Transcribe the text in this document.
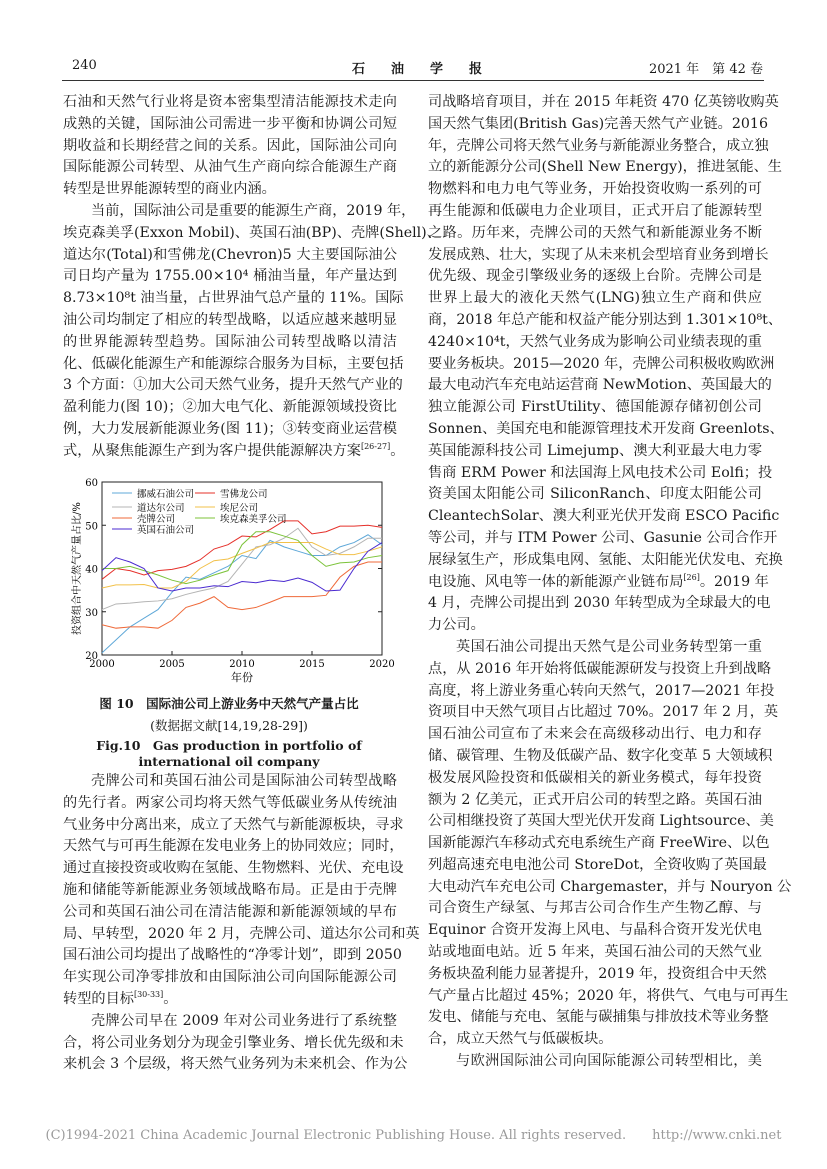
240	石　　油　　学　　报	2021 年　第 42 卷
石油和天然气行业将是资本密集型清洁能源技术走向
成熟的关键，国际油公司需进一步平衡和协调公司短
期收益和长期经营之间的关系。因此，国际油公司向
国际能源公司转型、从油气生产商向综合能源生产商
转型是世界能源转型的商业内涵。
当前，国际油公司是重要的能源生产商，2019 年，
埃克森美孚(Exxon Mobil)、英国石油(BP)、壳牌(Shell)、
道达尔(Total)和雪佛龙(Chevron)5 大主要国际油公
司日均产量为 1755.00×10⁴ 桶油当量，年产量达到
8.73×10⁸t 油当量，占世界油气总产量的 11%。国际
油公司均制定了相应的转型战略，以适应越来越明显
的世界能源转型趋势。国际油公司转型战略以清洁
化、低碳化能源生产和能源综合服务为目标，主要包括
3 个方面：①加大公司天然气业务，提升天然气产业的
盈利能力(图 10)；②加大电气化、新能源领域投资比
例，大力发展新能源业务(图 11)；③转变商业运营模
式，从聚焦能源生产到为客户提供能源解决方案[26-27]。
20
30
40
50
60
2000	2005	2010	2015	2020
年份
投资组合中天然气产量占比/%
挪威石油公司	雪佛龙公司
道达尔公司	埃尼公司
壳牌公司	埃克森美孚公司
英国石油公司
图 10　国际油公司上游业务中天然气产量占比
(数据据文献[14,19,28-29])
Fig.10　Gas production in portfolio of international oil company
壳牌公司和英国石油公司是国际油公司转型战略
的先行者。两家公司均将天然气等低碳业务从传统油
气业务中分离出来，成立了天然气与新能源板块，寻求
天然气与可再生能源在发电业务上的协同效应；同时，
通过直接投资或收购在氢能、生物燃料、光伏、充电设
施和储能等新能源业务领域战略布局。正是由于壳牌
公司和英国石油公司在清洁能源和新能源领域的早布
局、早转型，2020 年 2 月，壳牌公司、道达尔公司和英
国石油公司均提出了战略性的“净零计划”，即到 2050
年实现公司净零排放和由国际油公司向国际能源公司
转型的目标[30-33]。
壳牌公司早在 2009 年对公司业务进行了系统整
合，将公司业务划分为现金引擎业务、增长优先级和未
来机会 3 个层级，将天然气业务列为未来机会、作为公
司战略培育项目，并在 2015 年耗资 470 亿英镑收购英
国天然气集团(British Gas)完善天然气产业链。2016
年，壳牌公司将天然气业务与新能源业务整合，成立独
立的新能源分公司(Shell New Energy)，推进氢能、生
物燃料和电力电气等业务，开始投资收购一系列的可
再生能源和低碳电力企业项目，正式开启了能源转型
之路。历年来，壳牌公司的天然气和新能源业务不断
发展成熟、壮大，实现了从未来机会型培育业务到增长
优先级、现金引擎级业务的逐级上台阶。壳牌公司是
世界上最大的液化天然气(LNG)独立生产商和供应
商，2018 年总产能和权益产能分别达到 1.301×10⁸t、
4240×10⁴t，天然气业务成为影响公司业绩表现的重
要业务板块。2015—2020 年，壳牌公司积极收购欧洲
最大电动汽车充电站运营商 NewMotion、英国最大的
独立能源公司 FirstUtility、德国能源存储初创公司
Sonnen、美国充电和能源管理技术开发商 Greenlots、
英国能源科技公司 Limejump、澳大利亚最大电力零
售商 ERM Power 和法国海上风电技术公司 Eolfi；投
资美国太阳能公司 SiliconRanch、印度太阳能公司
CleantechSolar、澳大利亚光伏开发商 ESCO Pacific
等公司，并与 ITM Power 公司、Gasunie 公司合作开
展绿氢生产，形成集电网、氢能、太阳能光伏发电、充换
电设施、风电等一体的新能源产业链布局[26]。2019 年
4 月，壳牌公司提出到 2030 年转型成为全球最大的电
力公司。
英国石油公司提出天然气是公司业务转型第一重
点，从 2016 年开始将低碳能源研发与投资上升到战略
高度，将上游业务重心转向天然气，2017—2021 年投
资项目中天然气项目占比超过 70%。2017 年 2 月，英
国石油公司宣布了未来会在高级移动出行、电力和存
储、碳管理、生物及低碳产品、数字化变革 5 大领域积
极发展风险投资和低碳相关的新业务模式，每年投资
额为 2 亿美元，正式开启公司的转型之路。英国石油
公司相继投资了英国大型光伏开发商 Lightsource、美
国新能源汽车移动式充电系统生产商 FreeWire、以色
列超高速充电电池公司 StoreDot，全资收购了英国最
大电动汽车充电公司 Chargemaster，并与 Nouryon 公
司合资生产绿氢、与邦吉公司合作生产生物乙醇、与
Equinor 合资开发海上风电、与晶科合资开发光伏电
站或地面电站。近 5 年来，英国石油公司的天然气业
务板块盈利能力显著提升，2019 年，投资组合中天然
气产量占比超过 45%；2020 年，将供气、气电与可再生
发电、储能与充电、氢能与碳捕集与排放技术等业务整
合，成立天然气与低碳板块。
与欧洲国际油公司向国际能源公司转型相比，美
(C)1994-2021 China Academic Journal Electronic Publishing House. All rights reserved.　　http://www.cnki.net
